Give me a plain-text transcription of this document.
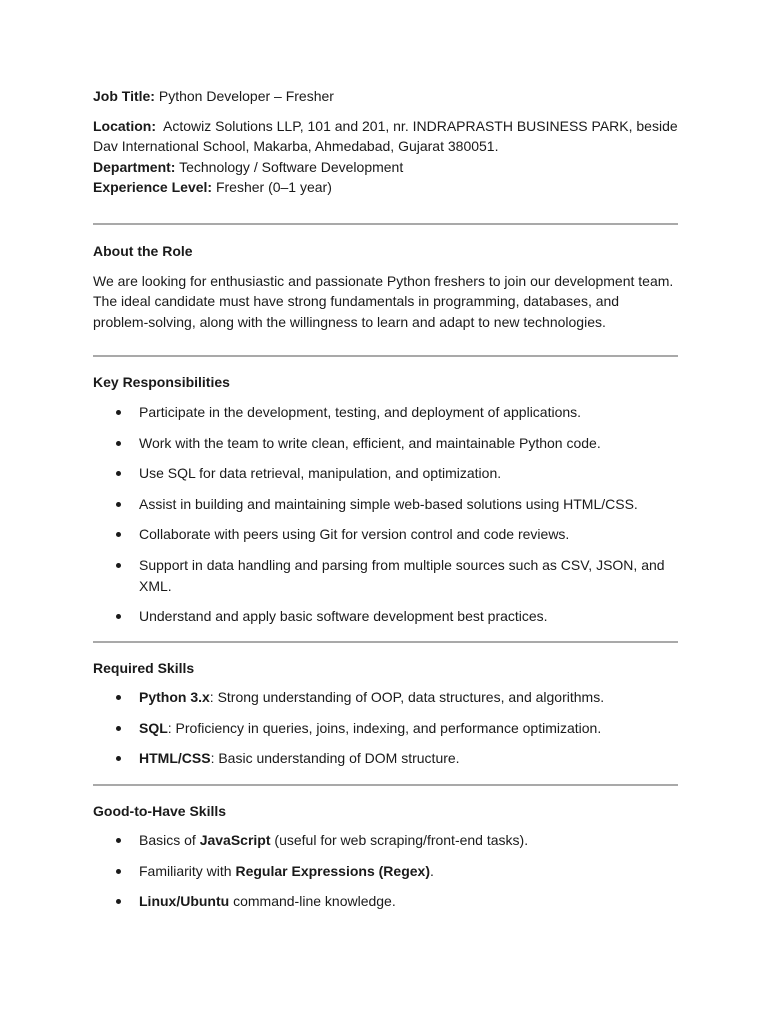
Job Title: Python Developer – Fresher

Location: Actowiz Solutions LLP, 101 and 201, nr. INDRAPRASTH BUSINESS PARK, beside Dav International School, Makarba, Ahmedabad, Gujarat 380051.

Department: Technology / Software Development

Experience Level: Fresher (0–1 year)

About the Role

We are looking for enthusiastic and passionate Python freshers to join our development team. The ideal candidate must have strong fundamentals in programming, databases, and problem-solving, along with the willingness to learn and adapt to new technologies.

Key Responsibilities

Participate in the development, testing, and deployment of applications.
Work with the team to write clean, efficient, and maintainable Python code.
Use SQL for data retrieval, manipulation, and optimization.
Assist in building and maintaining simple web-based solutions using HTML/CSS.
Collaborate with peers using Git for version control and code reviews.
Support in data handling and parsing from multiple sources such as CSV, JSON, and XML.
Understand and apply basic software development best practices.

Required Skills

Python 3.x: Strong understanding of OOP, data structures, and algorithms.
SQL: Proficiency in queries, joins, indexing, and performance optimization.
HTML/CSS: Basic understanding of DOM structure.

Good-to-Have Skills

Basics of JavaScript (useful for web scraping/front-end tasks).
Familiarity with Regular Expressions (Regex).
Linux/Ubuntu command-line knowledge.
